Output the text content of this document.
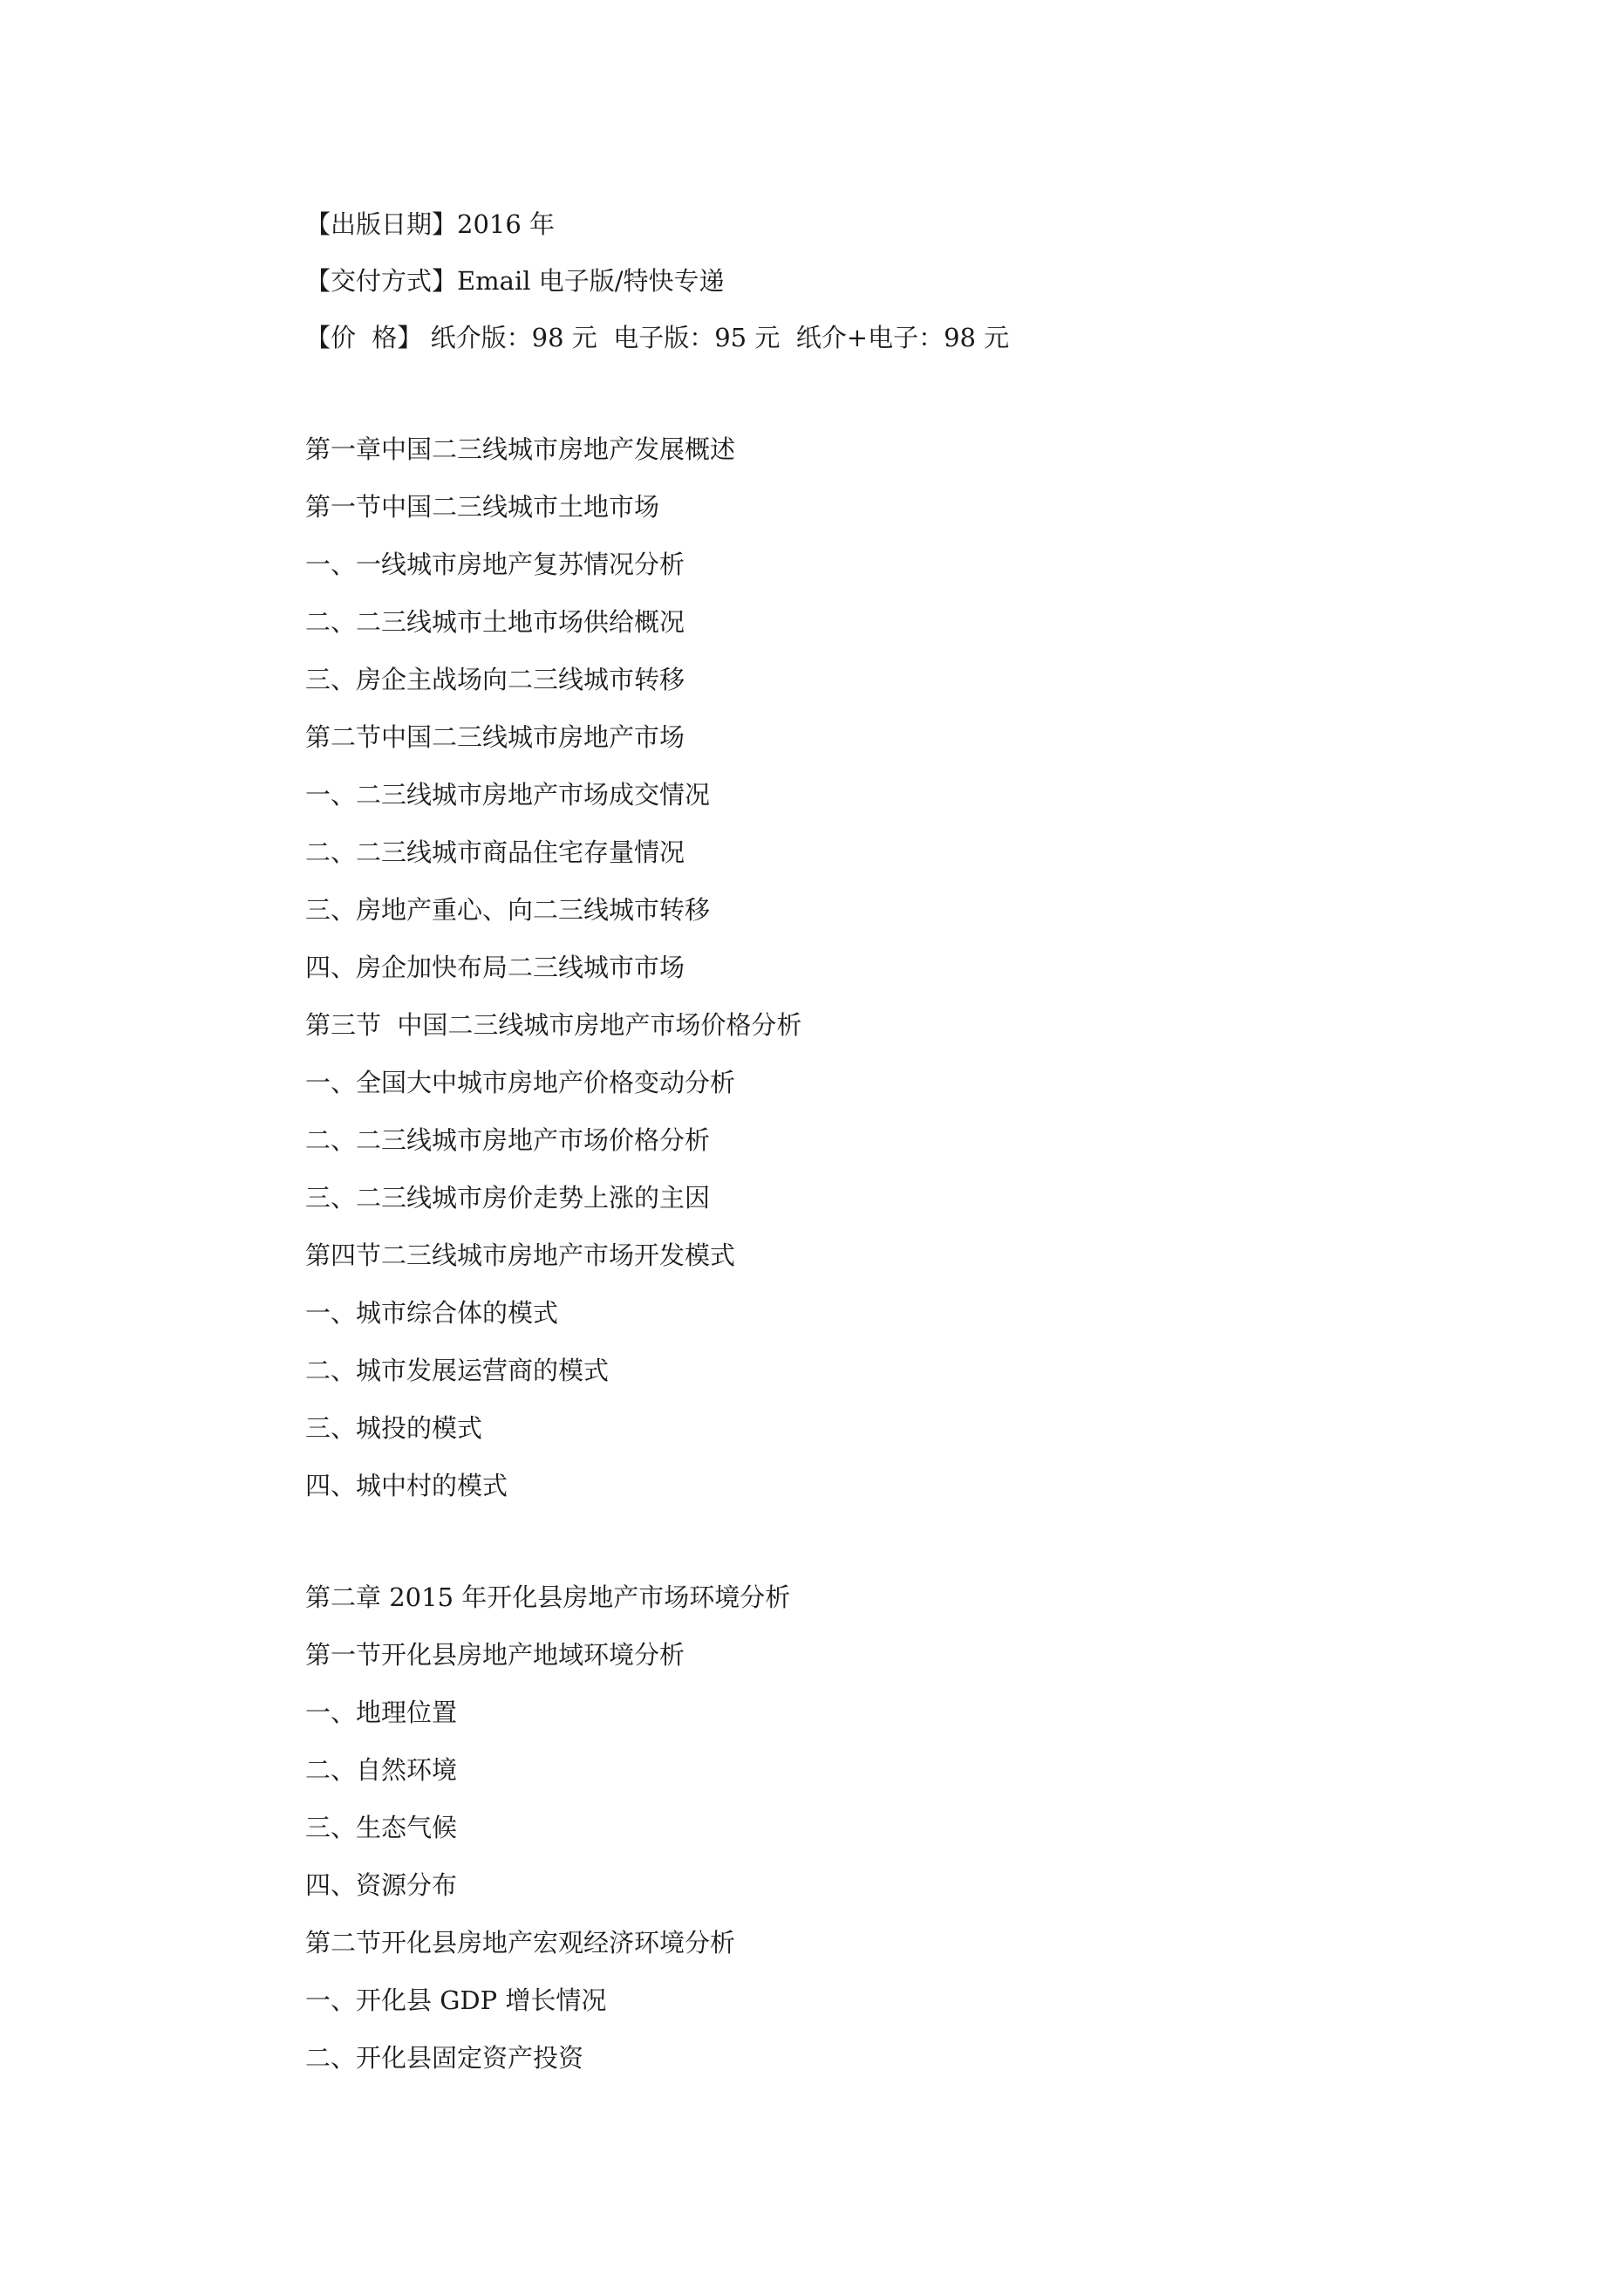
【出版日期】2016 年
【交付方式】Email 电子版/特快专递
【价  格】 纸介版：98 元  电子版：95 元  纸介+电子：98 元
第一章中国二三线城市房地产发展概述
第一节中国二三线城市土地市场
一、一线城市房地产复苏情况分析
二、二三线城市土地市场供给概况
三、房企主战场向二三线城市转移
第二节中国二三线城市房地产市场
一、二三线城市房地产市场成交情况
二、二三线城市商品住宅存量情况
三、房地产重心、向二三线城市转移
四、房企加快布局二三线城市市场
第三节  中国二三线城市房地产市场价格分析
一、全国大中城市房地产价格变动分析
二、二三线城市房地产市场价格分析
三、二三线城市房价走势上涨的主因
第四节二三线城市房地产市场开发模式
一、城市综合体的模式
二、城市发展运营商的模式
三、城投的模式
四、城中村的模式
第二章 2015 年开化县房地产市场环境分析
第一节开化县房地产地域环境分析
一、地理位置
二、自然环境
三、生态气候
四、资源分布
第二节开化县房地产宏观经济环境分析
一、开化县 GDP 增长情况
二、开化县固定资产投资
